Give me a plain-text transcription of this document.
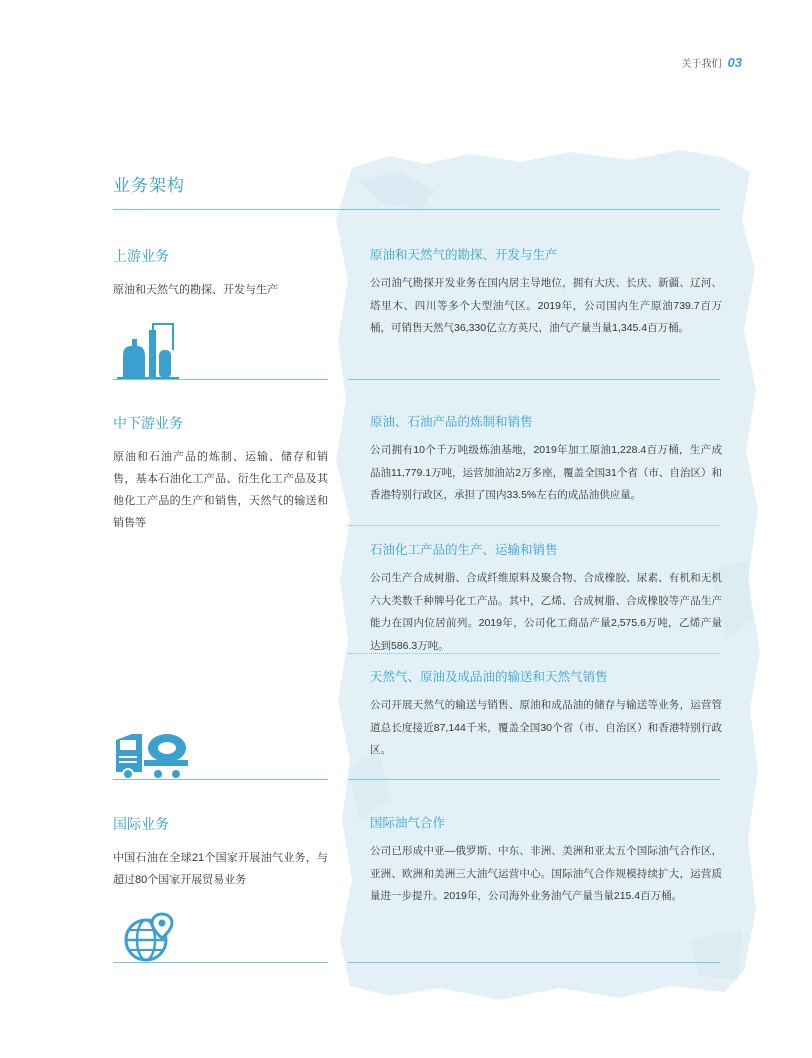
关于我们 03
业务架构
上游业务

原油和天然气的勘探、开发与生产

原油和天然气的勘探、开发与生产

公司油气勘探开发业务在国内居主导地位，拥有大庆、长庆、新疆、辽河、塔里木、四川等多个大型油气区。2019年，公司国内生产原油739.7百万桶，可销售天然气36,330亿立方英尺，油气产量当量1,345.4百万桶。

中下游业务

原油和石油产品的炼制、运输、储存和销售，基本石油化工产品、衍生化工产品及其他化工产品的生产和销售，天然气的输送和销售等

原油、石油产品的炼制和销售

公司拥有10个千万吨级炼油基地，2019年加工原油1,228.4百万桶，生产成品油11,779.1万吨，运营加油站2万多座，覆盖全国31个省（市、自治区）和香港特别行政区，承担了国内33.5%左右的成品油供应量。

石油化工产品的生产、运输和销售

公司生产合成树脂、合成纤维原料及聚合物、合成橡胶、尿素、有机和无机六大类数千种牌号化工产品。其中，乙烯、合成树脂、合成橡胶等产品生产能力在国内位居前列。2019年，公司化工商品产量2,575.6万吨，乙烯产量达到586.3万吨。

天然气、原油及成品油的输送和天然气销售

公司开展天然气的输送与销售、原油和成品油的储存与输送等业务，运营管道总长度接近87,144千米，覆盖全国30个省（市、自治区）和香港特别行政区。

国际业务

中国石油在全球21个国家开展油气业务，与超过80个国家开展贸易业务

国际油气合作

公司已形成中亚—俄罗斯、中东、非洲、美洲和亚太五个国际油气合作区，亚洲、欧洲和美洲三大油气运营中心。国际油气合作规模持续扩大，运营质量进一步提升。2019年，公司海外业务油气产量当量215.4百万桶。
